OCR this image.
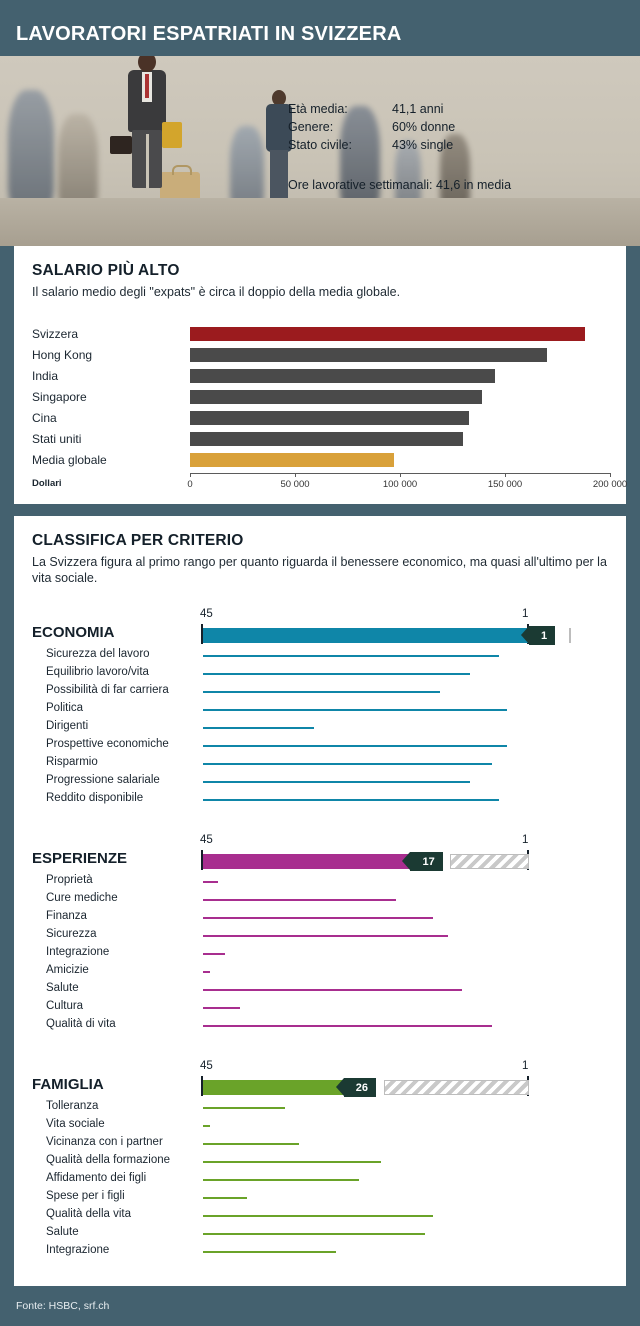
LAVORATORI ESPATRIATI IN SVIZZERA
Età media:	41,1 anni
Genere:	60% donne
Stato civile:	43% single
Ore lavorative settimanali: 41,6 in media
SALARIO PIÙ ALTO
Il salario medio degli "expats" è circa il doppio della media globale.
Svizzera
Hong Kong
India
Singapore
Cina
Stati uniti
Media globale
0	50 000	100 000	150 000	200 000
Dollari
CLASSIFICA PER CRITERIO
La Svizzera figura al primo rango per quanto riguarda il benessere economico, ma quasi all'ultimo per la vita sociale.
ECONOMIA
45	1
1
Sicurezza del lavoro
Equilibrio lavoro/vita
Possibilità di far carriera
Politica
Dirigenti
Prospettive economiche
Risparmio
Progressione salariale
Reddito disponibile
ESPERIENZE
45	1
17
Proprietà
Cure mediche
Finanza
Sicurezza
Integrazione
Amicizie
Salute
Cultura
Qualità di vita
FAMIGLIA
45	1
26
Tolleranza
Vita sociale
Vicinanza con i partner
Qualità della formazione
Affidamento dei figli
Spese per i figli
Qualità della vita
Salute
Integrazione
Fonte: HSBC, srf.ch
